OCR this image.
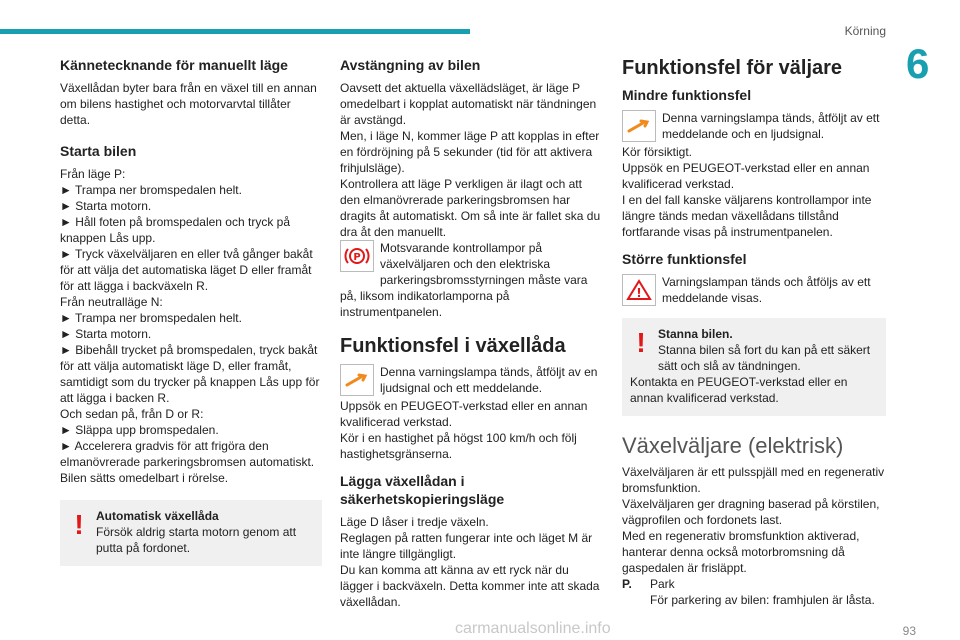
Körning
6
Kännetecknande för manuellt läge

Växellådan byter bara från en växel till en annan om bilens hastighet och motorvarvtal tillåter detta.

Starta bilen

Från läge P:

► Trampa ner bromspedalen helt.

► Starta motorn.

► Håll foten på bromspedalen och tryck på knappen Lås upp.

► Tryck växelväljaren en eller två gånger bakåt för att välja det automatiska läget D eller framåt för att lägga i backväxeln R.

Från neutralläge N:

► Trampa ner bromspedalen helt.

► Starta motorn.

► Bibehåll trycket på bromspedalen, tryck bakåt för att välja automatiskt läge D, eller framåt, samtidigt som du trycker på knappen Lås upp för att lägga i backen R.

Och sedan på, från D or R:

► Släppa upp bromspedalen.

► Accelerera gradvis för att frigöra den elmanövrerade parkeringsbromsen automatiskt.

Bilen sätts omedelbart i rörelse.

!	Automatisk växellåda

Försök aldrig starta motorn genom att putta på fordonet.

Avstängning av bilen

Oavsett det aktuella växellädsläget, är läge P omedelbart i kopplat automatiskt när tändningen är avstängd.

Men, i läge N, kommer läge P att kopplas in efter en fördröjning på 5 sekunder (tid för att aktivera frihjulsläge).

Kontrollera att läge P verkligen är ilagt och att den elmanövrerade parkeringsbromsen har dragits åt automatiskt. Om så inte är fallet ska du dra åt den manuellt.

P

Motsvarande kontrollampor på växelväljaren och den elektriska parkeringsbromsstyrningen måste vara på, liksom indikatorlamporna på instrumentpanelen.

Funktionsfel i växellåda

Denna varningslampa tänds, åtföljt av en ljudsignal och ett meddelande.

Uppsök en PEUGEOT-verkstad eller en annan kvalificerad verkstad.

Kör i en hastighet på högst 100 km/h och följ hastighetsgränserna.

Lägga växellådan i säkerhetskopieringsläge

Läge D låser i tredje växeln.

Reglagen på ratten fungerar inte och läget M är inte längre tillgängligt.

Du kan komma att känna av ett ryck när du lägger i backväxeln. Detta kommer inte att skada växellådan.

Funktionsfel för väljare
Mindre funktionsfel

Denna varningslampa tänds, åtföljt av ett meddelande och en ljudsignal.

Kör försiktigt.

Uppsök en PEUGEOT-verkstad eller en annan kvalificerad verkstad.

I en del fall kanske väljarens kontrollampor inte längre tänds medan växellådans tillstånd fortfarande visas på instrumentpanelen.

Större funktionsfel
!

Varningslampan tänds och åtföljs av ett meddelande visas.

!	Stanna bilen.

Stanna bilen så fort du kan på ett säkert sätt och slå av tändningen.

Kontakta en PEUGEOT-verkstad eller en annan kvalificerad verkstad.

Växelväljare (elektrisk)

Växelväljaren är ett pulsspjäll med en regenerativ bromsfunktion.

Växelväljaren ger dragning baserad på körstilen, vägprofilen och fordonets last.

Med en regenerativ bromsfunktion aktiverad, hanterar denna också motorbromsning då gaspedalen är frisläppt.

P.	Park

För parkering av bilen: framhjulen är låsta.

carmanualsonline.info	93
